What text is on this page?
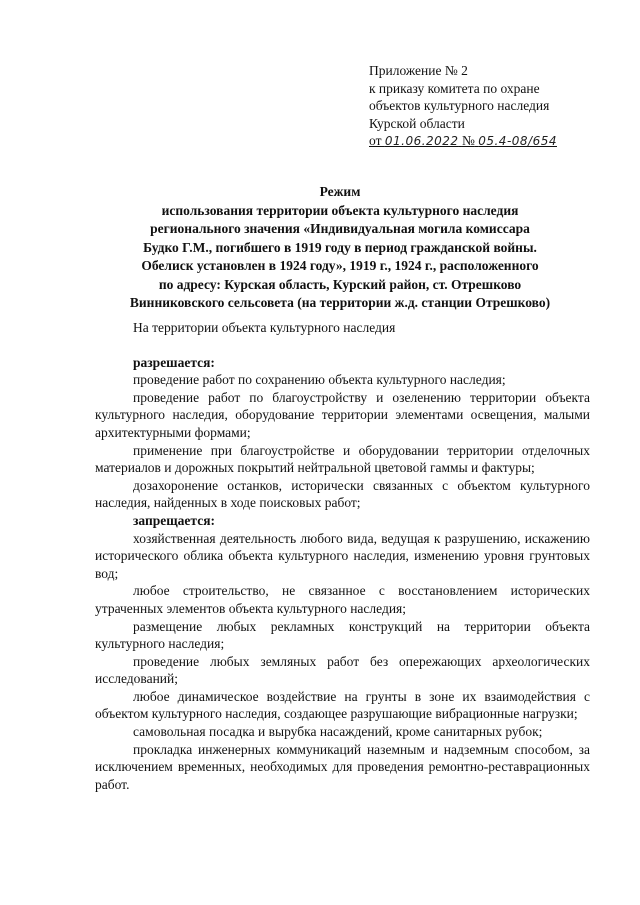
Приложение № 2
к приказу комитета по охране
объектов культурного наследия
Курской области
от 01.06.2022 № 05.4-08/654
Режим
использования территории объекта культурного наследия
регионального значения «Индивидуальная могила комиссара
Будко Г.М., погибшего в 1919 году в период гражданской войны.
Обелиск установлен в 1924 году», 1919 г., 1924 г., расположенного
по адресу: Курская область, Курский район, ст. Отрешково
Винниковского сельсовета (на территории ж.д. станции Отрешково)

На территории объекта культурного наследия

разрешается:

проведение работ по сохранению объекта культурного наследия;

проведение работ по благоустройству и озеленению территории объекта культурного наследия, оборудование территории элементами освещения, малыми архитектурными формами;

применение при благоустройстве и оборудовании территории отделочных материалов и дорожных покрытий нейтральной цветовой гаммы и фактуры;

дозахоронение останков, исторически связанных с объектом культурного наследия, найденных в ходе поисковых работ;

запрещается:

хозяйственная деятельность любого вида, ведущая к разрушению, искажению исторического облика объекта культурного наследия, изменению уровня грунтовых вод;

любое строительство, не связанное с восстановлением исторических утраченных элементов объекта культурного наследия;

размещение любых рекламных конструкций на территории объекта культурного наследия;

проведение любых земляных работ без опережающих археологических исследований;

любое динамическое воздействие на грунты в зоне их взаимодействия с объектом культурного наследия, создающее разрушающие вибрационные нагрузки;

самовольная посадка и вырубка насаждений, кроме санитарных рубок;

прокладка инженерных коммуникаций наземным и надземным способом, за исключением временных, необходимых для проведения ремонтно-реставрационных работ.
